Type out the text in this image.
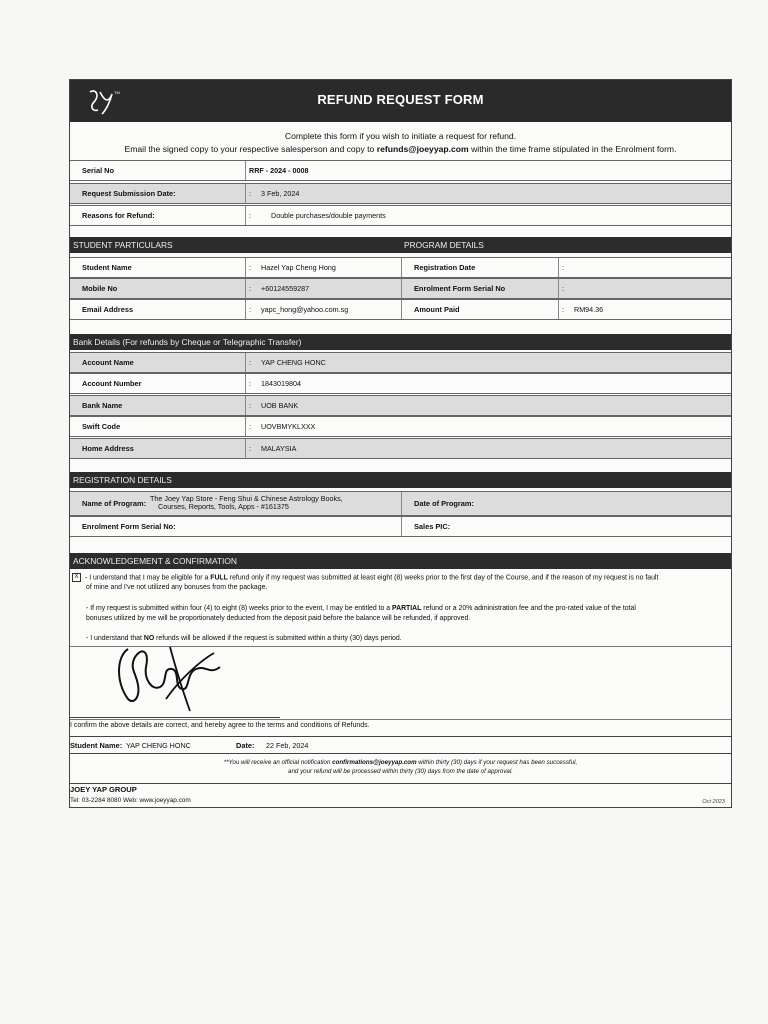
TM	REFUND REQUEST FORM
Complete this form if you wish to initiate a request for refund.
Email the signed copy to your respective salesperson and copy to refunds@joeyyap.com within the time frame stipulated in the Enrolment form.
Serial No	RRF - 2024 - 0008
Request Submission Date:	: 3 Feb, 2024
Reasons for Refund:	:	Double purchases/double payments
STUDENT PARTICULARS	PROGRAM DETAILS
Student Name	: Hazel Yap Cheng Honɡ	Registration Date	:
Mobile No	: +60124559287	Enrolment Form Serial No	:
Email Address	: yapc_hong@yahoo.com.sg	Amount Paid	: RM94.36
Bank Details
(For refunds by Cheque or Telegraphic Transfer)
Account Name	: YAP CHENG HONC
Account Number	: 1843019804
Bank Name	: UOB BANK
Swift Code	: UOVBMYKLXXX
Home Address	: MALAYSIA
REGISTRATION DETAILS
Name of Program:
The Joey Yap Store - Feng Shui & Chinese Astrology Books,
Courses, Reports, Tools, Apps - #161375	Date of Program:
Enrolment Form Serial No:	Sales PIC:
ACKNOWLEDGEMENT & CONFIRMATION
X - I understand that I may be eligible for a FULL refund only if my request was submitted at least eight (8) weeks prior to the first day of the Course, and if the reason of my request is no fault
of mine and I've not utilized any bonuses from the package.
- If my request is submitted within four (4) to eight (8) weeks prior to the event, I may be entitled to a PARTIAL refund or a 20% administration fee and the pro-rated value of the total
bonuses utilized by me will be proportionately deducted from the deposit paid before the balance will be refunded, if approved.
- I understand that NO refunds will be allowed if the request is submitted within a thirty (30) days period.
I confirm the above details are correct, and hereby agree to the terms and conditions of Refunds.
Student Name: YAP CHENG HONC	Date:	22 Feb, 2024
**You will receive an official notification confirmations@joeyyap.com within thirty (30) days if your request has been successful,
and your refund will be processed within thirty (30) days from the date of approval.
JOEY YAP GROUP
Tel: 03-2284 8080 Web: www.joeyyap.com	Oct 2023
